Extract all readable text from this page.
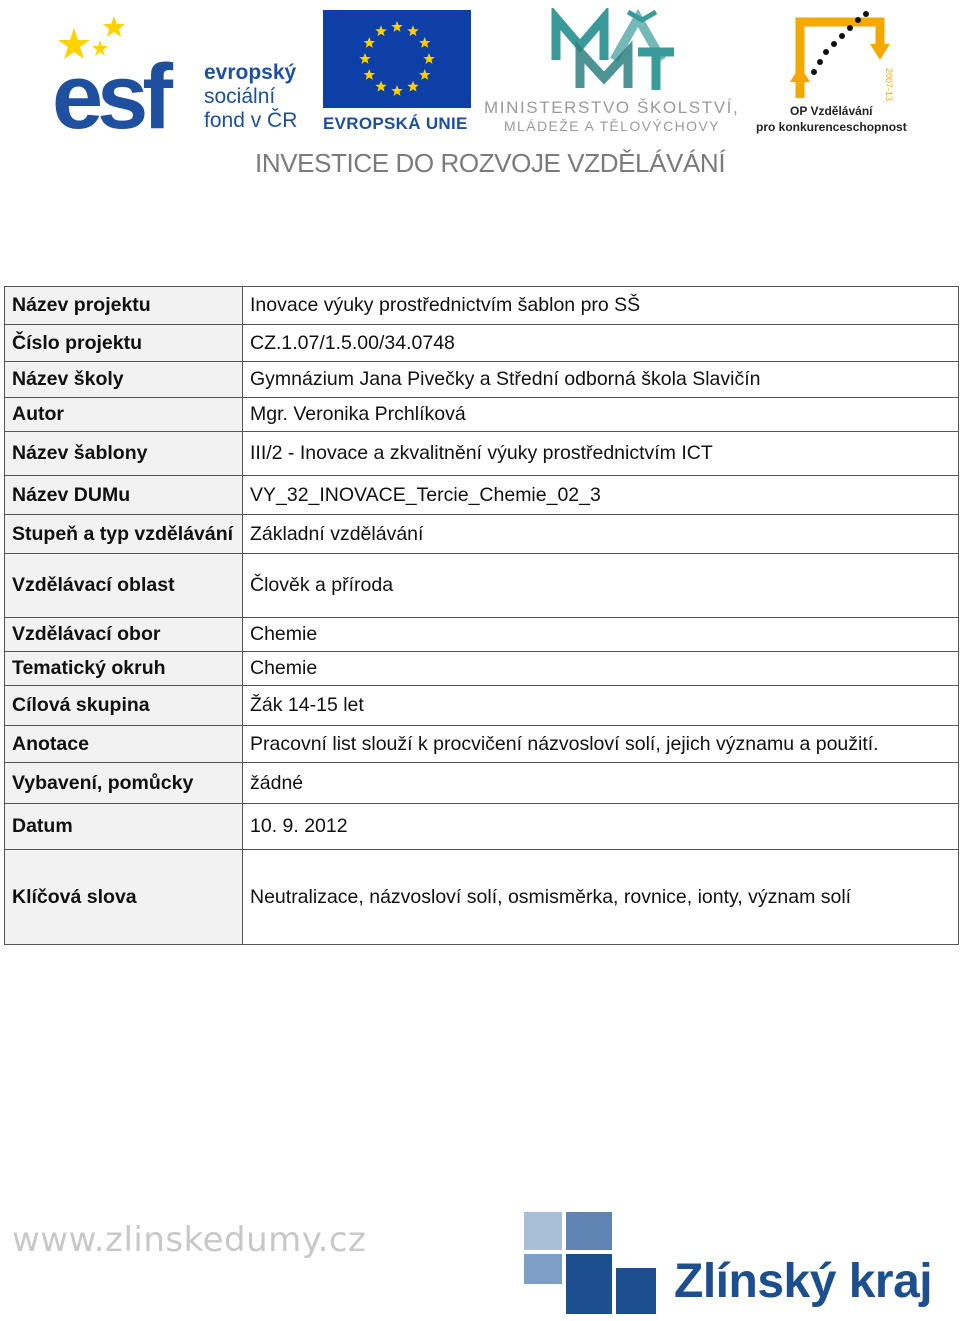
esf	evropský
sociální
fond v ČR EVROPSKÁ UNIE
MINISTERSTVO ŠKOLSTVÍ,
MLÁDEŽE A TĚLOVÝCHOVY
2007-13
OP Vzdělávání
pro konkurenceschopnost
INVESTICE DO ROZVOJE VZDĚLÁVÁNÍ
Název projektu	Inovace výuky prostřednictvím šablon pro SŠ
Číslo projektu	CZ.1.07/1.5.00/34.0748
Název školy	Gymnázium Jana Pivečky a Střední odborná škola Slavičín
Autor	Mgr. Veronika Prchlíková
Název šablony	III/2 - Inovace a zkvalitnění výuky prostřednictvím ICT
Název DUMu	VY_32_INOVACE_Tercie_Chemie_02_3
Stupeň a typ vzdělávání	Základní vzdělávání
Vzdělávací oblast	Člověk a příroda
Vzdělávací obor	Chemie
Tematický okruh	Chemie
Cílová skupina	Žák 14-15 let
Anotace	Pracovní list slouží k procvičení názvosloví solí, jejich významu a použití.
Vybavení, pomůcky	žádné
Datum	10. 9. 2012
Klíčová slova	Neutralizace, názvosloví solí, osmisměrka, rovnice, ionty, význam solí
www.zlinskedumy.cz
Zlínský kraj
